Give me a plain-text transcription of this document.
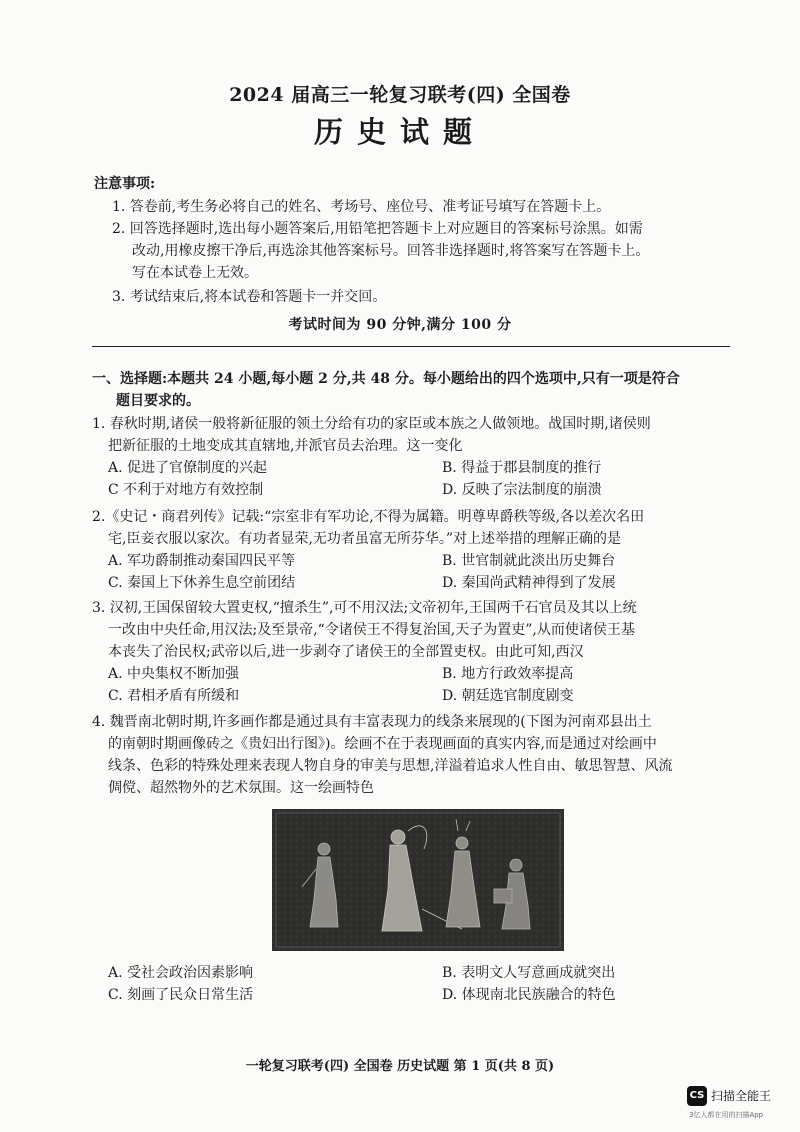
2024 届高三一轮复习联考(四) 全国卷
历史试题
注意事项:
1. 答卷前,考生务必将自己的姓名、考场号、座位号、准考证号填写在答题卡上。
2. 回答选择题时,选出每小题答案后,用铅笔把答题卡上对应题目的答案标号涂黑。如需
改动,用橡皮擦干净后,再选涂其他答案标号。回答非选择题时,将答案写在答题卡上。
写在本试卷上无效。
3. 考试结束后,将本试卷和答题卡一并交回。
考试时间为 90 分钟,满分 100 分
一、选择题:本题共 24 小题,每小题 2 分,共 48 分。每小题给出的四个选项中,只有一项是符合
题目要求的。
1. 春秋时期,诸侯一般将新征服的领土分给有功的家臣或本族之人做领地。战国时期,诸侯则
把新征服的土地变成其直辖地,并派官员去治理。这一变化
A. 促进了官僚制度的兴起	B. 得益于郡县制度的推行
C 不利于对地方有效控制	D. 反映了宗法制度的崩溃
2.《史记・商君列传》记载:“宗室非有军功论,不得为属籍。明尊卑爵秩等级,各以差次名田
宅,臣妾衣服以家次。有功者显荣,无功者虽富无所芬华。”对上述举措的理解正确的是
A. 军功爵制推动秦国四民平等	B. 世官制就此淡出历史舞台
C. 秦国上下休养生息空前团结	D. 秦国尚武精神得到了发展
3. 汉初,王国保留较大置吏权,“擅杀生”,可不用汉法;文帝初年,王国两千石官员及其以上统
一改由中央任命,用汉法;及至景帝,“令诸侯王不得复治国,天子为置吏”,从而使诸侯王基
本丧失了治民权;武帝以后,进一步剥夺了诸侯王的全部置吏权。由此可知,西汉
A. 中央集权不断加强	B. 地方行政效率提高
C. 君相矛盾有所缓和	D. 朝廷选官制度剧变
4. 魏晋南北朝时期,许多画作都是通过具有丰富表现力的线条来展现的(下图为河南邓县出土
的南朝时期画像砖之《贵妇出行图》)。绘画不在于表现画面的真实内容,而是通过对绘画中
线条、色彩的特殊处理来表现人物自身的审美与思想,洋溢着追求人性自由、敏思智慧、风流
倜傥、超然物外的艺术氛围。这一绘画特色
A. 受社会政治因素影响	B. 表明文人写意画成就突出
C. 刻画了民众日常生活	D. 体现南北民族融合的特色
一轮复习联考(四) 全国卷 历史试题 第 1 页(共 8 页)
CS 扫描全能王
3亿人都在用的扫描App
